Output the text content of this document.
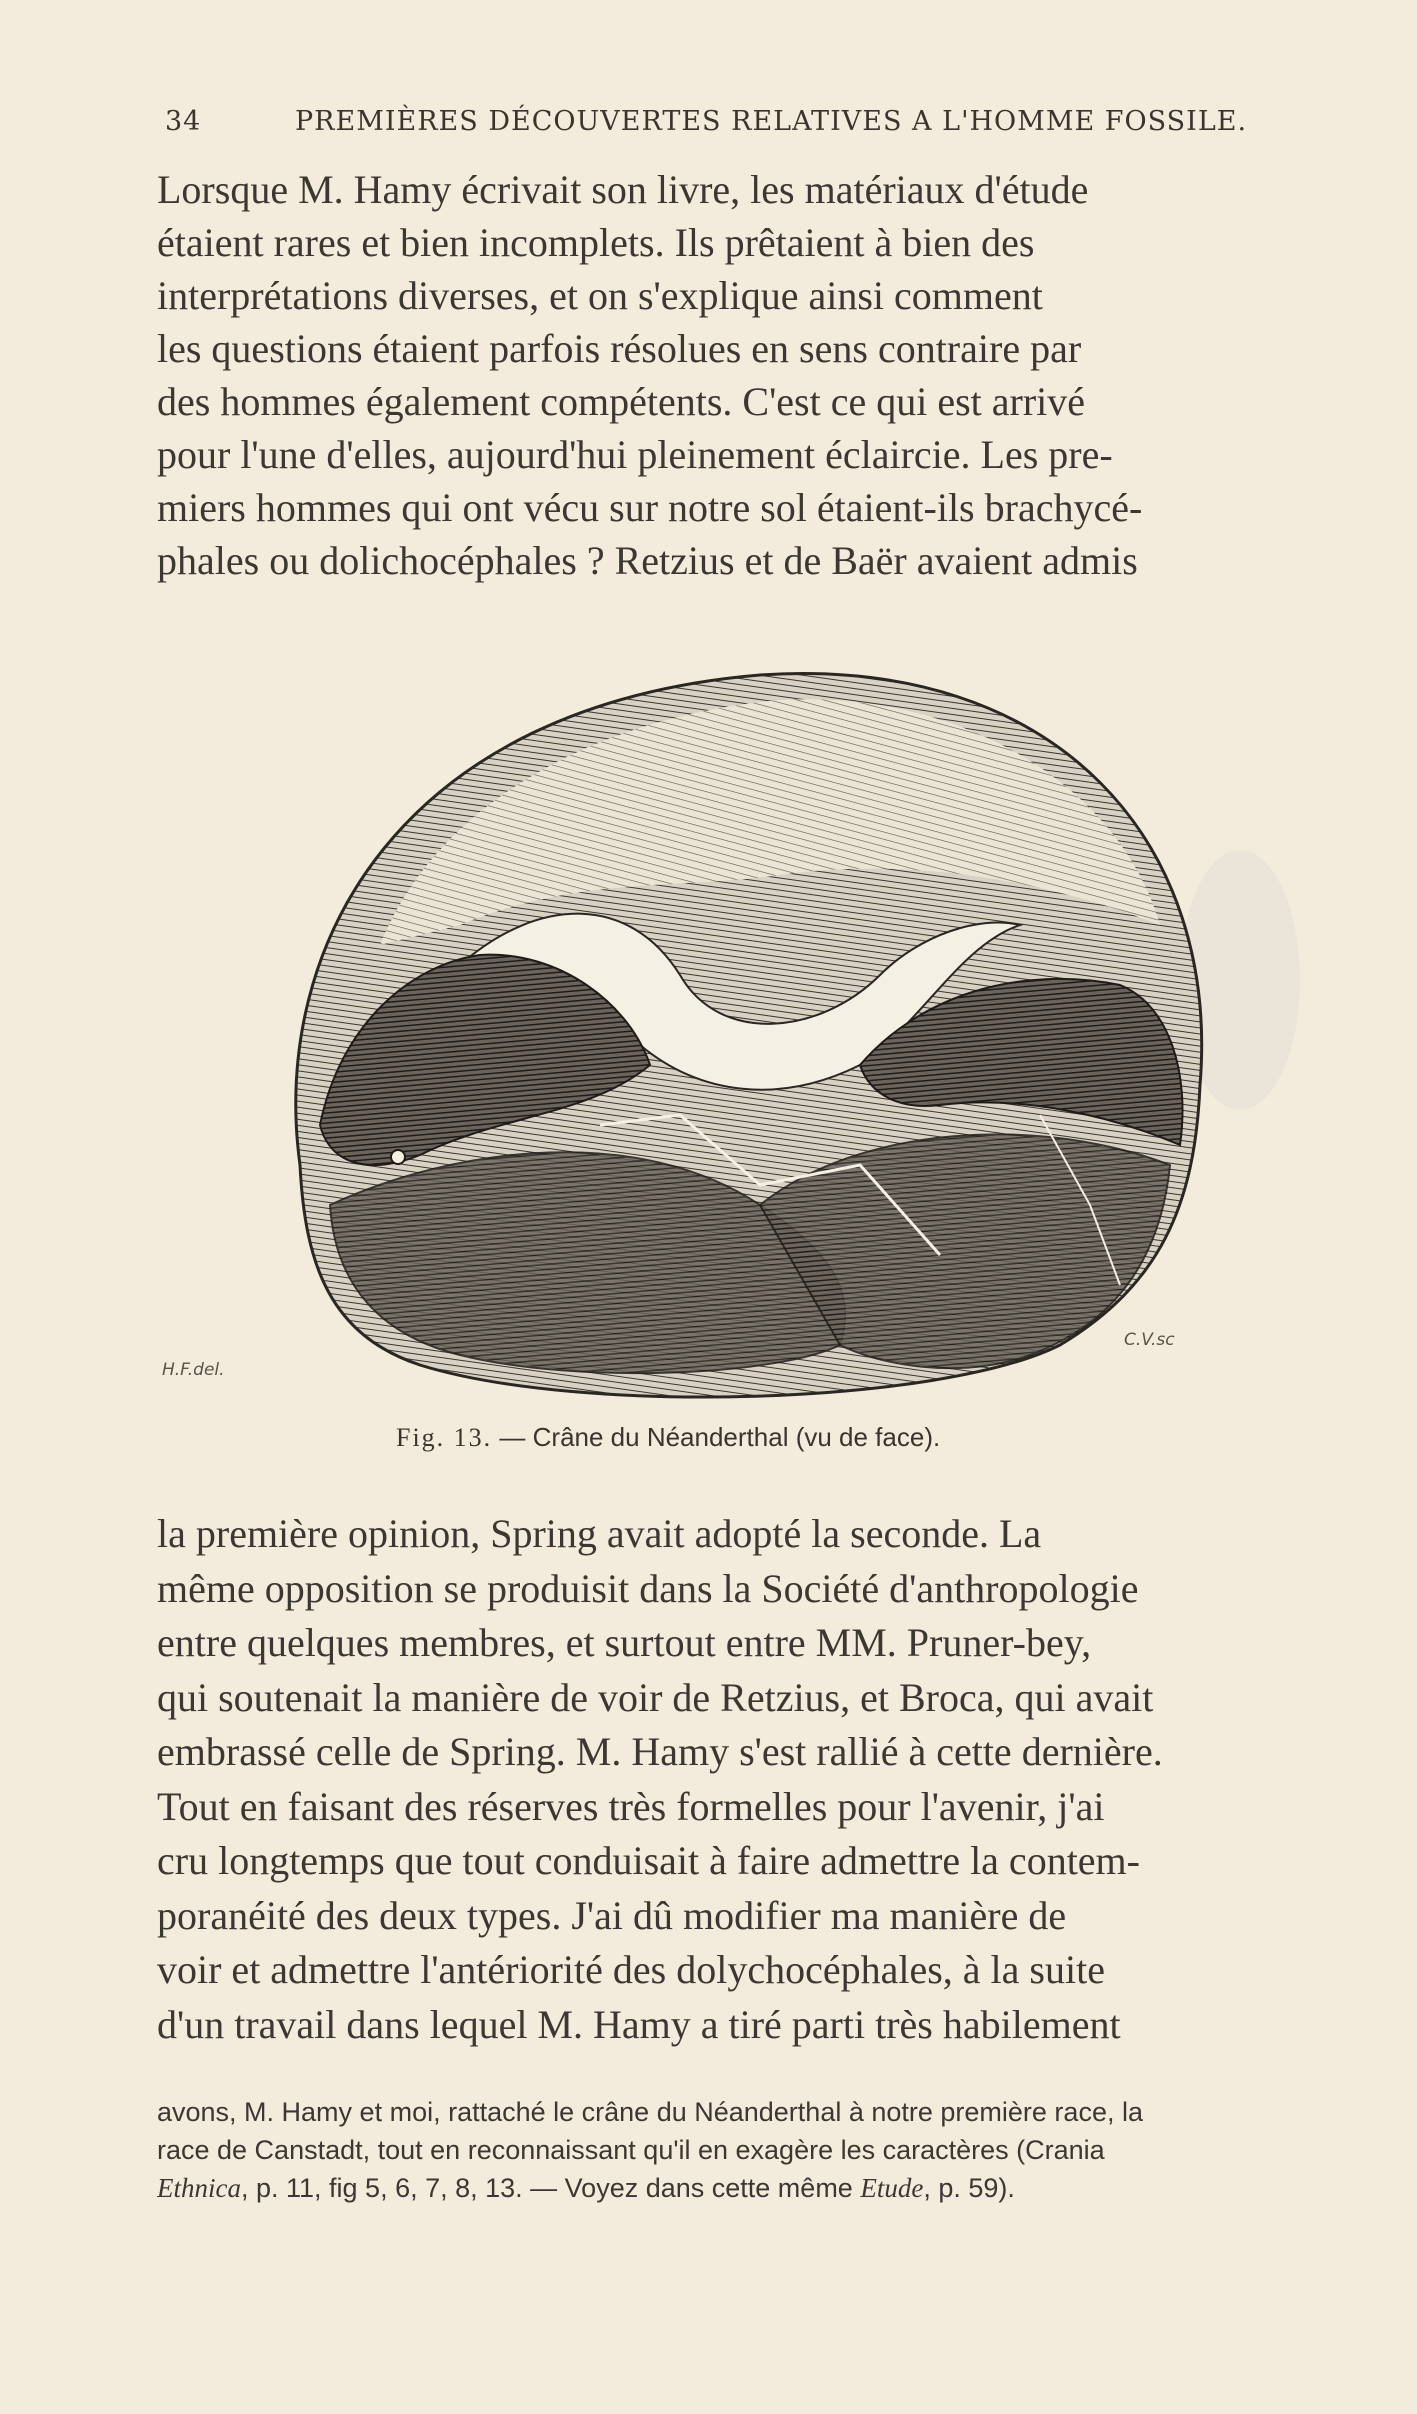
34	PREMIÈRES DÉCOUVERTES RELATIVES A L'HOMME FOSSILE.
Lorsque M. Hamy écrivait son livre, les matériaux d'étude
étaient rares et bien incomplets. Ils prêtaient à bien des
interprétations diverses, et on s'explique ainsi comment
les questions étaient parfois résolues en sens contraire par
des hommes également compétents. C'est ce qui est arrivé
pour l'une d'elles, aujourd'hui pleinement éclaircie. Les pre-
miers hommes qui ont vécu sur notre sol étaient-ils brachycé-
phales ou dolichocéphales ? Retzius et de Baër avaient admis
H.F.del.
C.V.sc
Fig. 13. — Crâne du Néanderthal (vu de face).
la première opinion, Spring avait adopté la seconde. La
même opposition se produisit dans la Société d'anthropologie
entre quelques membres, et surtout entre MM. Pruner-bey,
qui soutenait la manière de voir de Retzius, et Broca, qui avait
embrassé celle de Spring. M. Hamy s'est rallié à cette dernière.
Tout en faisant des réserves très formelles pour l'avenir, j'ai
cru longtemps que tout conduisait à faire admettre la contem-
poranéité des deux types. J'ai dû modifier ma manière de
voir et admettre l'antériorité des dolychocéphales, à la suite
d'un travail dans lequel M. Hamy a tiré parti très habilement
avons, M. Hamy et moi, rattaché le crâne du Néanderthal à notre première race, la
race de Canstadt, tout en reconnaissant qu'il en exagère les caractères (Crania
Ethnica, p. 11, fig 5, 6, 7, 8, 13. — Voyez dans cette même Etude, p. 59).
